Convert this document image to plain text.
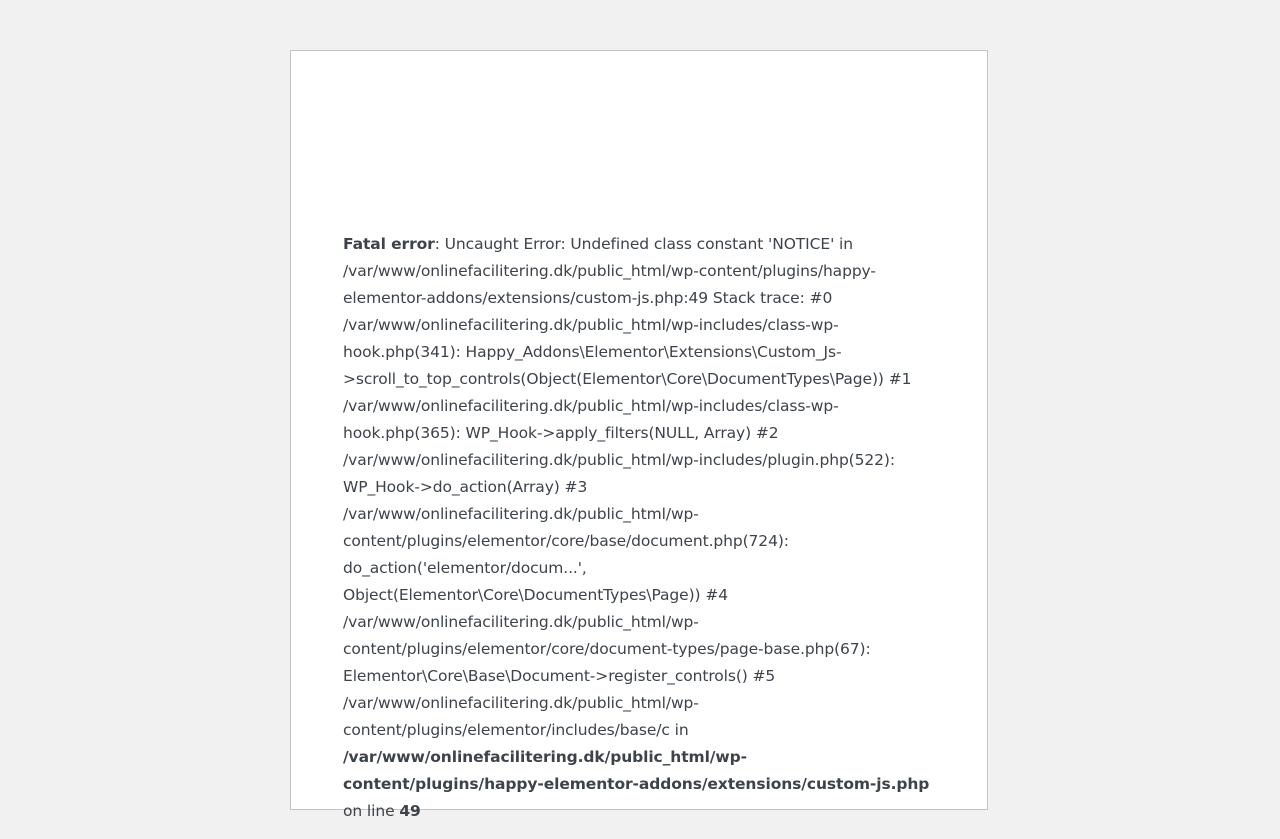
Fatal error: Uncaught Error: Undefined class constant 'NOTICE' in /var/www/onlinefacilitering.dk/public_html/wp-content/plugins/happy-elementor-addons/extensions/custom-js.php:49 Stack trace: #0 /var/www/onlinefacilitering.dk/public_html/wp-includes/class-wp-hook.php(341): Happy_Addons\Elementor\Extensions\Custom_Js->scroll_to_top_controls(Object(Elementor\Core\DocumentTypes\Page)) #1 /var/www/onlinefacilitering.dk/public_html/wp-includes/class-wp-hook.php(365): WP_Hook->apply_filters(NULL, Array) #2 /var/www/onlinefacilitering.dk/public_html/wp-includes/plugin.php(522): WP_Hook->do_action(Array) #3 /var/www/onlinefacilitering.dk/public_html/wp-content/plugins/elementor/core/base/document.php(724): do_action('elementor/docum...', Object(Elementor\Core\DocumentTypes\Page)) #4 /var/www/onlinefacilitering.dk/public_html/wp-content/plugins/elementor/core/document-types/page-base.php(67): Elementor\Core\Base\Document->register_controls() #5 /var/www/onlinefacilitering.dk/public_html/wp-content/plugins/elementor/includes/base/c in /var/www/onlinefacilitering.dk/public_html/wp-content/plugins/happy-elementor-addons/extensions/custom-js.php on line 49
